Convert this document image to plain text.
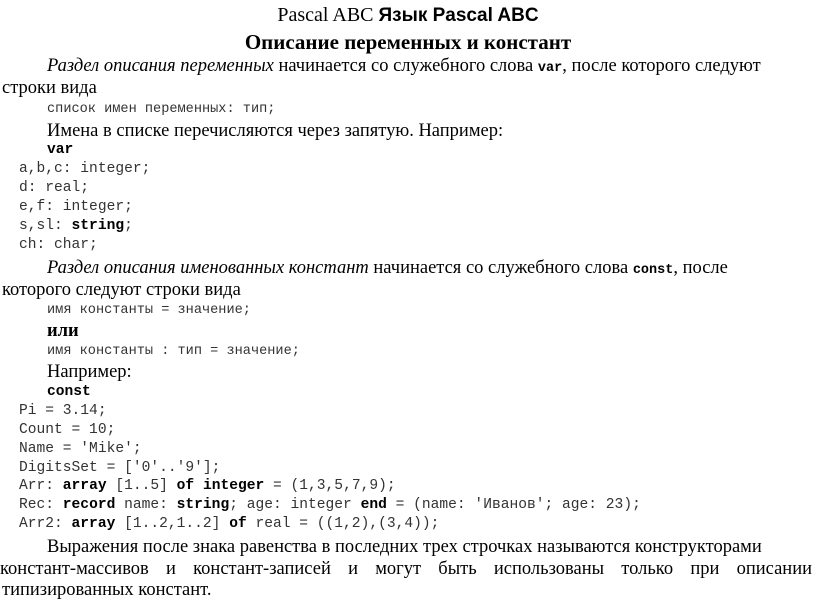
Pascal ABC Язык Pascal ABC
Описание переменных и констант
Раздел описания переменных начинается со служебного слова var, после которого следуют
строки вида
список имен переменных: тип;
Имена в списке перечисляются через запятую. Например:
var
a,b,c: integer;
d: real;
e,f: integer;
s,sl: string;
ch: char;
Раздел описания именованных констант начинается со служебного слова const, после
которого следуют строки вида
имя константы = значение;
или
имя константы : тип = значение;
Например:
const
Pi = 3.14;
Count = 10;
Name = 'Mike';
DigitsSet = ['0'..'9'];
Arr: array [1..5] of integer = (1,3,5,7,9);
Rec: record name: string; age: integer end = (name: 'Иванов'; age: 23);
Arr2: array [1..2,1..2] of real = ((1,2),(3,4));
Выражения после знака равенства в последних трех строчках называются конструкторами
констант-массивов и констант-записей и могут быть использованы только при описании
типизированных констант.
